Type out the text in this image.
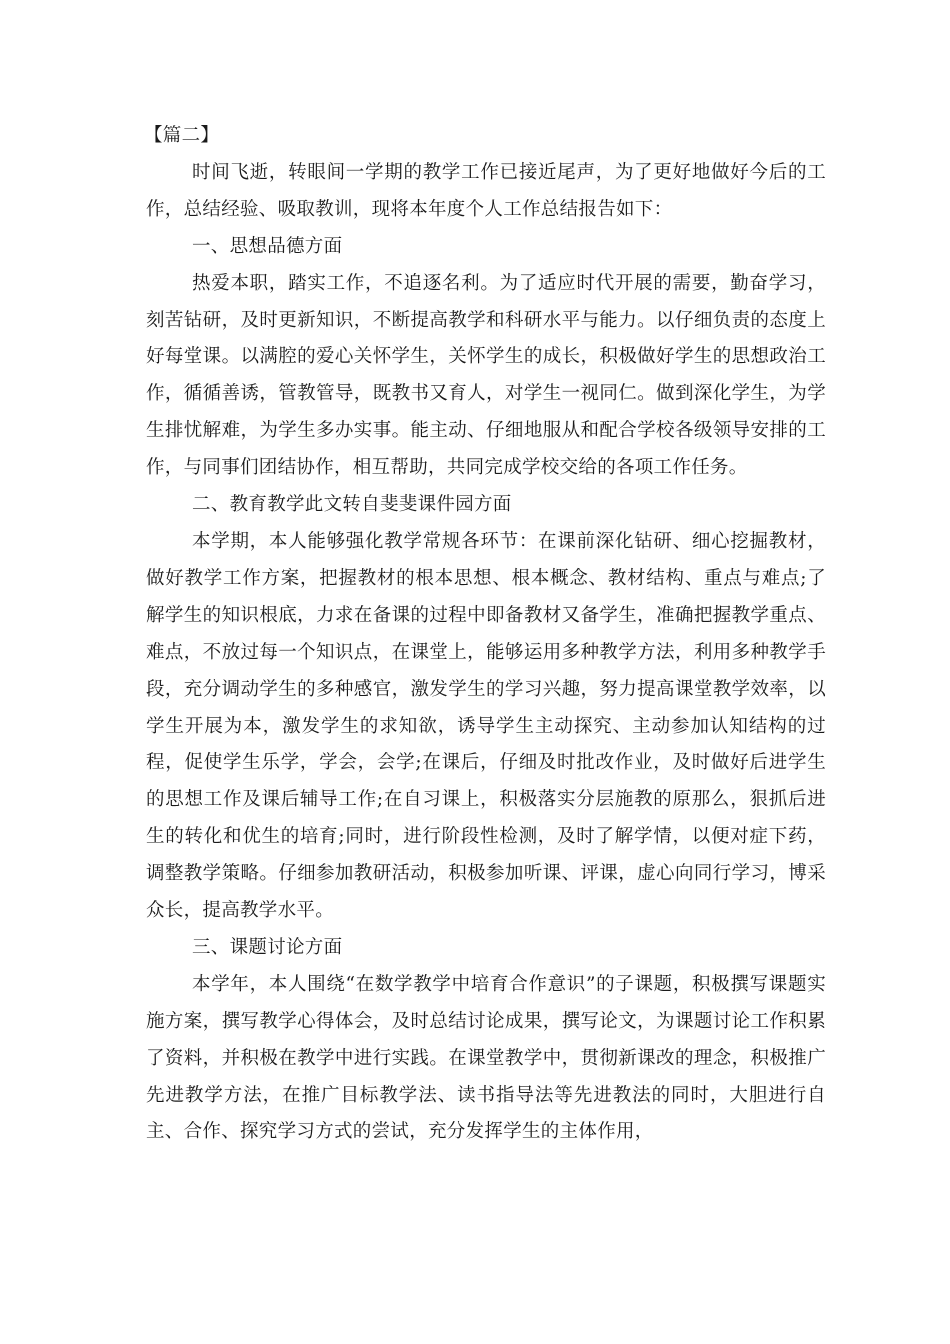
【篇二】

时间飞逝，转眼间一学期的教学工作已接近尾声，为了更好地做好今后的工作，总结经验、吸取教训，现将本年度个人工作总结报告如下：

一、思想品德方面

热爱本职，踏实工作，不追逐名利。为了适应时代开展的需要，勤奋学习，刻苦钻研，及时更新知识，不断提高教学和科研水平与能力。以仔细负责的态度上好每堂课。以满腔的爱心关怀学生，关怀学生的成长，积极做好学生的思想政治工作，循循善诱，管教管导，既教书又育人，对学生一视同仁。做到深化学生，为学生排忧解难，为学生多办实事。能主动、仔细地服从和配合学校各级领导安排的工作，与同事们团结协作，相互帮助，共同完成学校交给的各项工作任务。

二、教育教学此文转自斐斐课件园方面

本学期，本人能够强化教学常规各环节：在课前深化钻研、细心挖掘教材，做好教学工作方案，把握教材的根本思想、根本概念、教材结构、重点与难点;了解学生的知识根底，力求在备课的过程中即备教材又备学生，准确把握教学重点、难点，不放过每一个知识点，在课堂上，能够运用多种教学方法，利用多种教学手段，充分调动学生的多种感官，激发学生的学习兴趣，努力提高课堂教学效率，以学生开展为本，激发学生的求知欲，诱导学生主动探究、主动参加认知结构的过程，促使学生乐学，学会，会学;在课后，仔细及时批改作业，及时做好后进学生的思想工作及课后辅导工作;在自习课上，积极落实分层施教的原那么，狠抓后进生的转化和优生的培育;同时，进行阶段性检测，及时了解学情，以便对症下药，调整教学策略。仔细参加教研活动，积极参加听课、评课，虚心向同行学习，博采众长，提高教学水平。

三、课题讨论方面

本学年，本人围绕“在数学教学中培育合作意识”的子课题，积极撰写课题实施方案，撰写教学心得体会，及时总结讨论成果，撰写论文，为课题讨论工作积累了资料，并积极在教学中进行实践。在课堂教学中，贯彻新课改的理念，积极推广先进教学方法，在推广目标教学法、读书指导法等先进教法的同时，大胆进行自主、合作、探究学习方式的尝试，充分发挥学生的主体作用，
